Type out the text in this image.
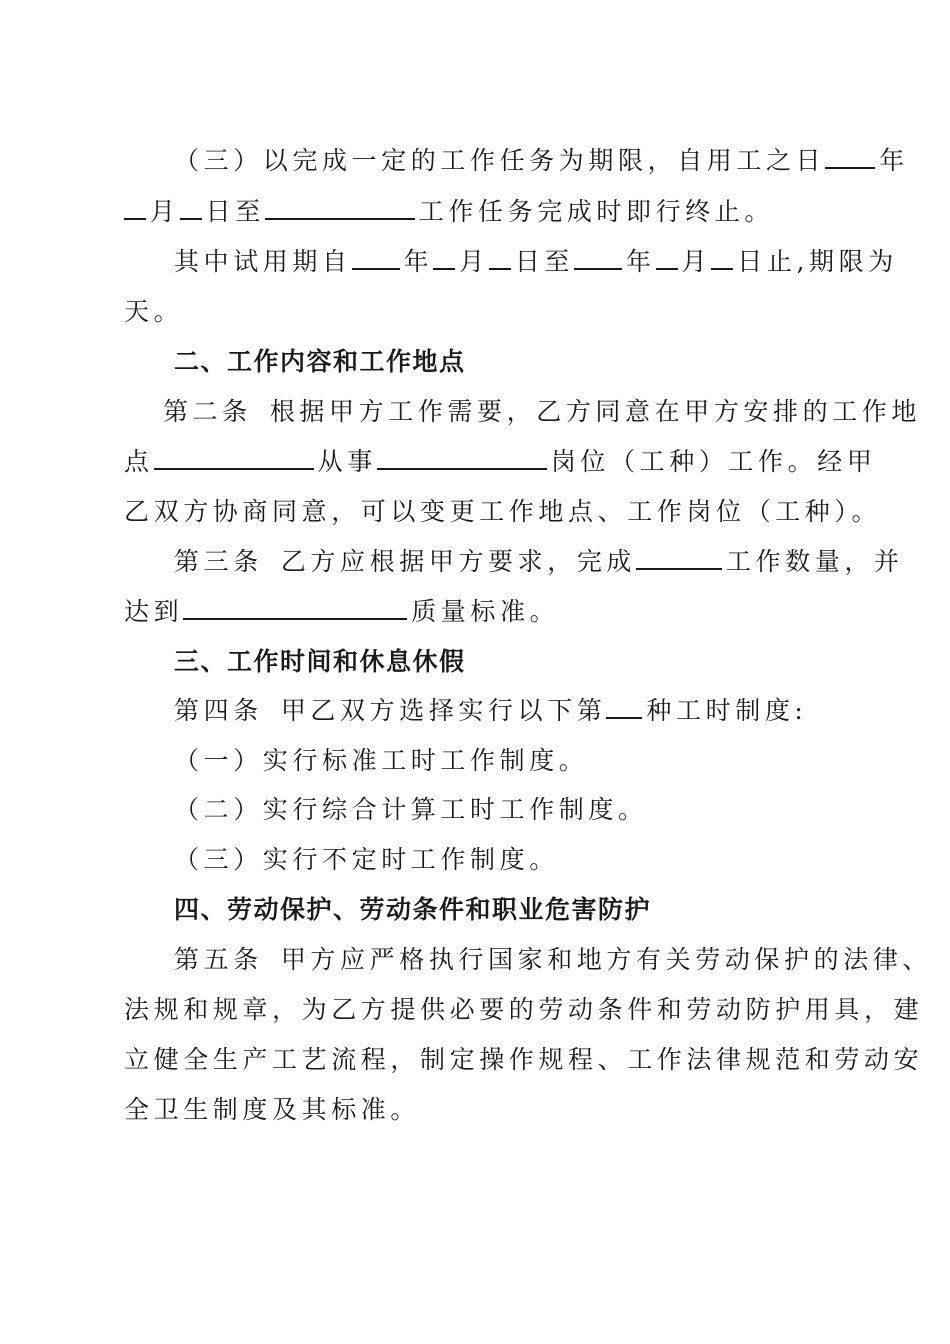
（三）以完成一定的工作任务为期限，自用工之日 年
月 日至	工作任务完成时即行终止。
其中试用期自 年 月 日至 年 月 日止,期限为
天。
二、工作内容和工作地点
第二条 根据甲方工作需要，乙方同意在甲方安排的工作地
点	从事	岗位（工种）工作。经甲
乙双方协商同意，可以变更工作地点、工作岗位（工种）。
第三条 乙方应根据甲方要求，完成	工作数量，并
达到	质量标准。
三、工作时间和休息休假
第四条 甲乙双方选择实行以下第 种工时制度:
（一）实行标准工时工作制度。
（二）实行综合计算工时工作制度。
（三）实行不定时工作制度。
四、劳动保护、劳动条件和职业危害防护
第五条 甲方应严格执行国家和地方有关劳动保护的法律、
法规和规章，为乙方提供必要的劳动条件和劳动防护用具，建
立健全生产工艺流程，制定操作规程、工作法律规范和劳动安
全卫生制度及其标准。
